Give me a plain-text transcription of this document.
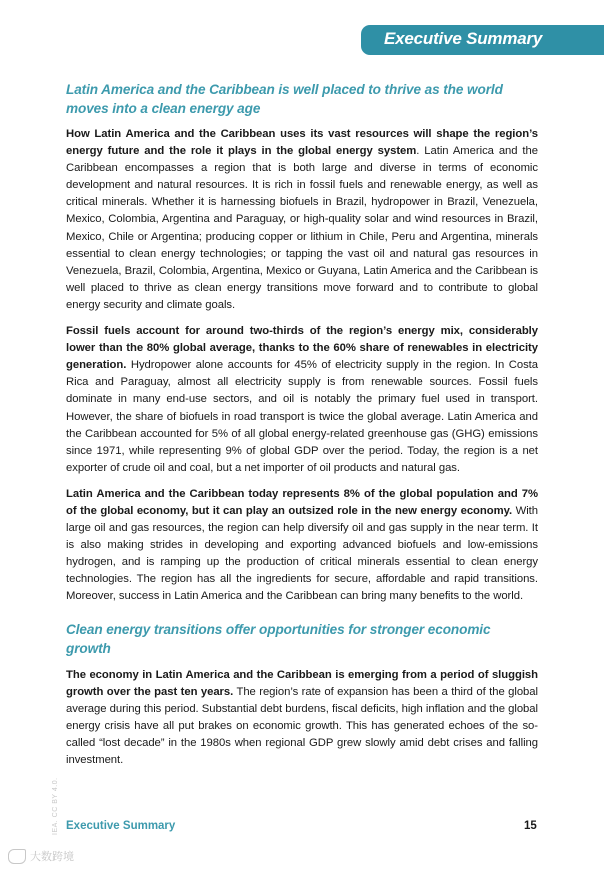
Executive Summary
Latin America and the Caribbean is well placed to thrive as the world moves into a clean energy age

How Latin America and the Caribbean uses its vast resources will shape the region’s energy future and the role it plays in the global energy system. Latin America and the Caribbean encompasses a region that is both large and diverse in terms of economic development and natural resources. It is rich in fossil fuels and renewable energy, as well as critical minerals. Whether it is harnessing biofuels in Brazil, hydropower in Brazil, Venezuela, Mexico, Colombia, Argentina and Paraguay, or high-quality solar and wind resources in Brazil, Mexico, Chile or Argentina; producing copper or lithium in Chile, Peru and Argentina, minerals essential to clean energy technologies; or tapping the vast oil and natural gas resources in Venezuela, Brazil, Colombia, Argentina, Mexico or Guyana, Latin America and the Caribbean is well placed to thrive as clean energy transitions move forward and to contribute to global energy security and climate goals.

Fossil fuels account for around two-thirds of the region’s energy mix, considerably lower than the 80% global average, thanks to the 60% share of renewables in electricity generation. Hydropower alone accounts for 45% of electricity supply in the region. In Costa Rica and Paraguay, almost all electricity supply is from renewable sources. Fossil fuels dominate in many end-use sectors, and oil is notably the primary fuel used in transport. However, the share of biofuels in road transport is twice the global average. Latin America and the Caribbean accounted for 5% of all global energy-related greenhouse gas (GHG) emissions since 1971, while representing 9% of global GDP over the period. Today, the region is a net exporter of crude oil and coal, but a net importer of oil products and natural gas.

Latin America and the Caribbean today represents 8% of the global population and 7% of the global economy, but it can play an outsized role in the new energy economy. With large oil and gas resources, the region can help diversify oil and gas supply in the near term. It is also making strides in developing and exporting advanced biofuels and low-emissions hydrogen, and is ramping up the production of critical minerals essential to clean energy technologies. The region has all the ingredients for secure, affordable and rapid transitions. Moreover, success in Latin America and the Caribbean can bring many benefits to the world.

Clean energy transitions offer opportunities for stronger economic growth

The economy in Latin America and the Caribbean is emerging from a period of sluggish growth over the past ten years. The region’s rate of expansion has been a third of the global average during this period. Substantial debt burdens, fiscal deficits, high inflation and the global energy crisis have all put brakes on economic growth. This has generated echoes of the so-called “lost decade” in the 1980s when regional GDP grew slowly amid debt crises and falling investment.

IEA. CC BY 4.0. Executive Summary	15
大数跨境
